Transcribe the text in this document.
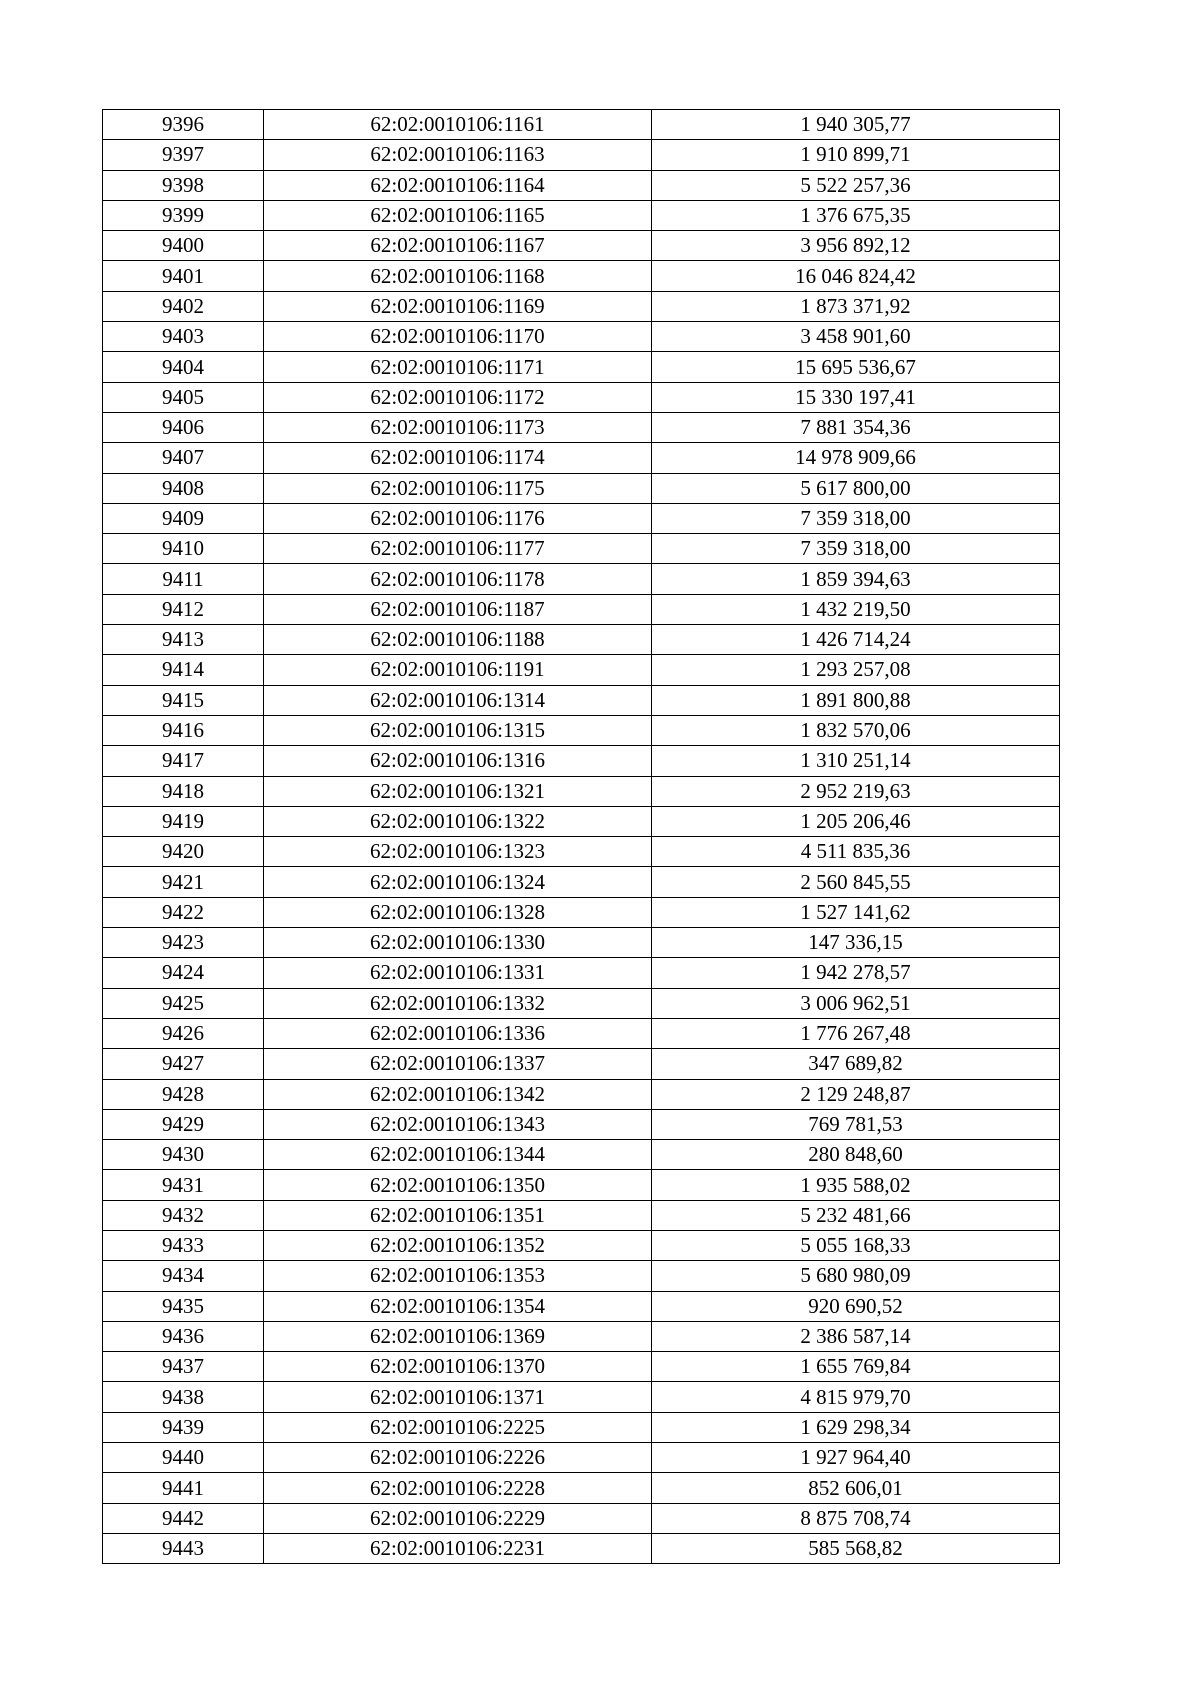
9396	62:02:0010106:1161	1 940 305,77
9397	62:02:0010106:1163	1 910 899,71
9398	62:02:0010106:1164	5 522 257,36
9399	62:02:0010106:1165	1 376 675,35
9400	62:02:0010106:1167	3 956 892,12
9401	62:02:0010106:1168	16 046 824,42
9402	62:02:0010106:1169	1 873 371,92
9403	62:02:0010106:1170	3 458 901,60
9404	62:02:0010106:1171	15 695 536,67
9405	62:02:0010106:1172	15 330 197,41
9406	62:02:0010106:1173	7 881 354,36
9407	62:02:0010106:1174	14 978 909,66
9408	62:02:0010106:1175	5 617 800,00
9409	62:02:0010106:1176	7 359 318,00
9410	62:02:0010106:1177	7 359 318,00
9411	62:02:0010106:1178	1 859 394,63
9412	62:02:0010106:1187	1 432 219,50
9413	62:02:0010106:1188	1 426 714,24
9414	62:02:0010106:1191	1 293 257,08
9415	62:02:0010106:1314	1 891 800,88
9416	62:02:0010106:1315	1 832 570,06
9417	62:02:0010106:1316	1 310 251,14
9418	62:02:0010106:1321	2 952 219,63
9419	62:02:0010106:1322	1 205 206,46
9420	62:02:0010106:1323	4 511 835,36
9421	62:02:0010106:1324	2 560 845,55
9422	62:02:0010106:1328	1 527 141,62
9423	62:02:0010106:1330	147 336,15
9424	62:02:0010106:1331	1 942 278,57
9425	62:02:0010106:1332	3 006 962,51
9426	62:02:0010106:1336	1 776 267,48
9427	62:02:0010106:1337	347 689,82
9428	62:02:0010106:1342	2 129 248,87
9429	62:02:0010106:1343	769 781,53
9430	62:02:0010106:1344	280 848,60
9431	62:02:0010106:1350	1 935 588,02
9432	62:02:0010106:1351	5 232 481,66
9433	62:02:0010106:1352	5 055 168,33
9434	62:02:0010106:1353	5 680 980,09
9435	62:02:0010106:1354	920 690,52
9436	62:02:0010106:1369	2 386 587,14
9437	62:02:0010106:1370	1 655 769,84
9438	62:02:0010106:1371	4 815 979,70
9439	62:02:0010106:2225	1 629 298,34
9440	62:02:0010106:2226	1 927 964,40
9441	62:02:0010106:2228	852 606,01
9442	62:02:0010106:2229	8 875 708,74
9443	62:02:0010106:2231	585 568,82
